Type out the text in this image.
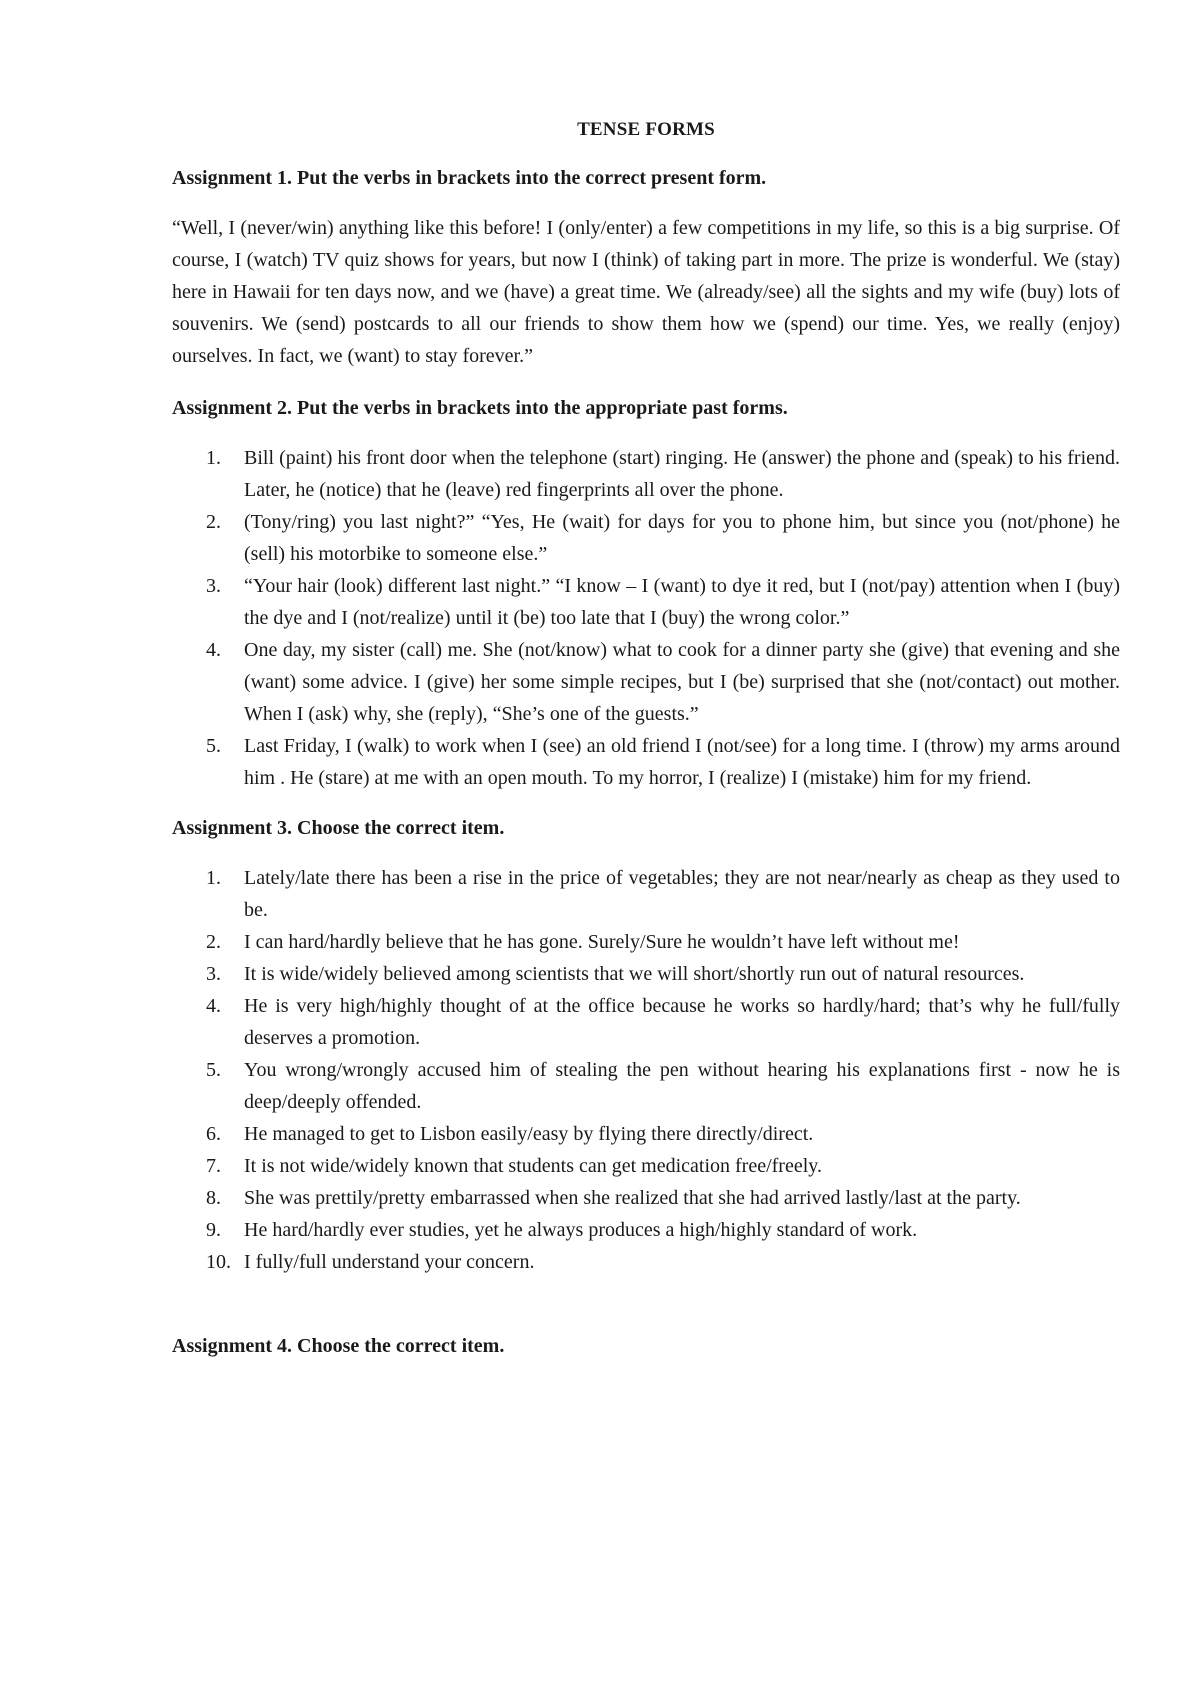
TENSE FORMS
Assignment 1. Put the verbs in brackets into the correct present form.
“Well, I (never/win) anything like this before! I (only/enter) a few competitions in my life, so this is a big surprise. Of course, I (watch) TV quiz shows for years, but now I (think) of taking part in more. The prize is wonderful. We (stay) here in Hawaii for ten days now, and we (have) a great time. We (already/see) all the sights and my wife (buy) lots of souvenirs. We (send) postcards to all our friends to show them how we (spend) our time. Yes, we really (enjoy) ourselves. In fact, we (want) to stay forever.”
Assignment 2. Put the verbs in brackets into the appropriate past forms.
1. Bill (paint) his front door when the telephone (start) ringing. He (answer) the phone and (speak) to his friend. Later, he (notice) that he (leave) red fingerprints all over the phone.
2. (Tony/ring) you last night?” “Yes, He (wait) for days for you to phone him, but since you (not/phone) he (sell) his motorbike to someone else.”
3. “Your hair (look) different last night.” “I know – I (want) to dye it red, but I (not/pay) attention when I (buy) the dye and I (not/realize) until it (be) too late that I (buy) the wrong color.”
4. One day, my sister (call) me. She (not/know) what to cook for a dinner party she (give) that evening and she (want) some advice. I (give) her some simple recipes, but I (be) surprised that she (not/contact) out mother. When I (ask) why, she (reply), “She’s one of the guests.”
5. Last Friday, I (walk) to work when I (see) an old friend I (not/see) for a long time. I (throw) my arms around him . He (stare) at me with an open mouth. To my horror, I (realize) I (mistake) him for my friend.
Assignment 3. Choose the correct item.
1. Lately/late there has been a rise in the price of vegetables; they are not near/nearly as cheap as they used to be.
2. I can hard/hardly believe that he has gone. Surely/Sure he wouldn’t have left without me!
3. It is wide/widely believed among scientists that we will short/shortly run out of natural resources.
4. He is very high/highly thought of at the office because he works so hardly/hard; that’s why he full/fully deserves a promotion.
5. You wrong/wrongly accused him of stealing the pen without hearing his explanations first - now he is deep/deeply offended.
6. He managed to get to Lisbon easily/easy by flying there directly/direct.
7. It is not wide/widely known that students can get medication free/freely.
8. She was prettily/pretty embarrassed when she realized that she had arrived lastly/last at the party.
9. He hard/hardly ever studies, yet he always produces a high/highly standard of work.
10. I fully/full understand your concern.
Assignment 4. Choose the correct item.
